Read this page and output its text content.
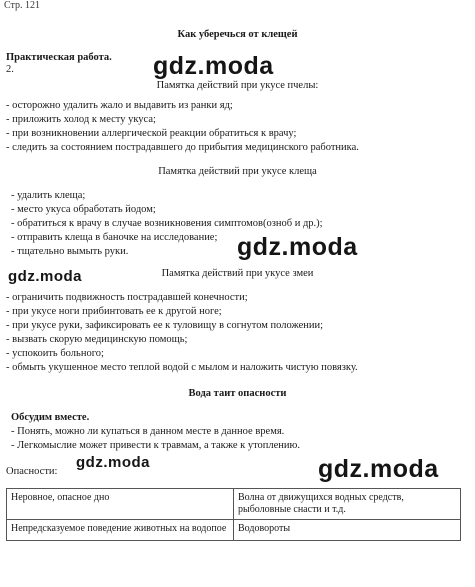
Стр. 121
Как уберечься от клещей
Практическая работа.
2.	gdz.moda
Памятка действий при укусе пчелы:
- осторожно удалить жало и выдавить из ранки яд;
- приложить холод к месту укуса;
- при возникновении аллергической реакции обратиться к врачу;
- следить за состоянием пострадавшего до прибытия медицинского работника.
Памятка действий при укусе клеща
- удалить клеща;
- место укуса обработать йодом;
- обратиться к врачу в случае возникновения симптомов(озноб и др.);
- отправить клеща в баночке на исследование;
- тщательно вымыть руки.	gdz.moda
gdz.moda	Памятка действий при укусе змеи
- ограничить подвижность пострадавшей конечности;
- при укусе ноги прибинтовать ее к другой ноге;
- при укусе руки, зафиксировать ее к туловищу в согнутом положении;
- вызвать скорую медицинскую помощь;
- успокоить больного;
- обмыть укушенное место теплой водой с мылом и наложить чистую повязку.
Вода таит опасности
Обсудим вместе.
- Понять, можно ли купаться в данном месте в данное время.
- Легкомыслие может привести к травмам, а также к утоплению.
Опасности:
gdz.moda	gdz.moda
Неровное, опасное дно	Волна от движущихся водных средств, рыболовные снасти и т.д.
Непредсказуемое поведение животных на водопое	Водовороты
